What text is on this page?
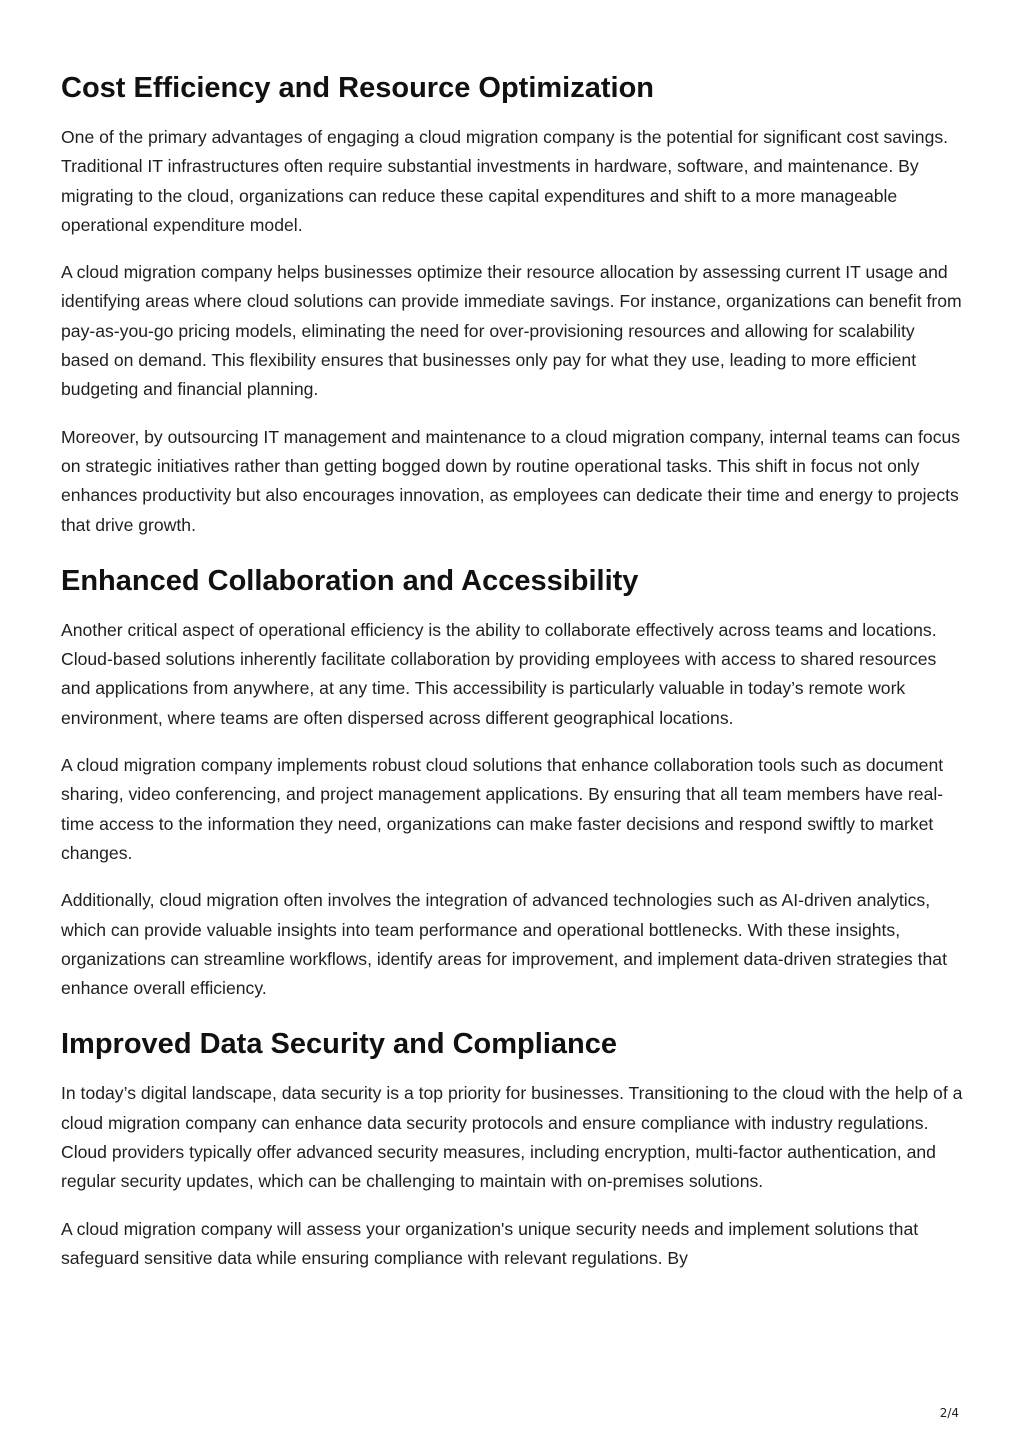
Cost Efficiency and Resource Optimization

One of the primary advantages of engaging a cloud migration company is the potential for significant cost savings. Traditional IT infrastructures often require substantial investments in hardware, software, and maintenance. By migrating to the cloud, organizations can reduce these capital expenditures and shift to a more manageable operational expenditure model.

A cloud migration company helps businesses optimize their resource allocation by assessing current IT usage and identifying areas where cloud solutions can provide immediate savings. For instance, organizations can benefit from pay-as-you-go pricing models, eliminating the need for over-provisioning resources and allowing for scalability based on demand. This flexibility ensures that businesses only pay for what they use, leading to more efficient budgeting and financial planning.

Moreover, by outsourcing IT management and maintenance to a cloud migration company, internal teams can focus on strategic initiatives rather than getting bogged down by routine operational tasks. This shift in focus not only enhances productivity but also encourages innovation, as employees can dedicate their time and energy to projects that drive growth.

Enhanced Collaboration and Accessibility

Another critical aspect of operational efficiency is the ability to collaborate effectively across teams and locations. Cloud-based solutions inherently facilitate collaboration by providing employees with access to shared resources and applications from anywhere, at any time. This accessibility is particularly valuable in today’s remote work environment, where teams are often dispersed across different geographical locations.

A cloud migration company implements robust cloud solutions that enhance collaboration tools such as document sharing, video conferencing, and project management applications. By ensuring that all team members have real-time access to the information they need, organizations can make faster decisions and respond swiftly to market changes.

Additionally, cloud migration often involves the integration of advanced technologies such as AI-driven analytics, which can provide valuable insights into team performance and operational bottlenecks. With these insights, organizations can streamline workflows, identify areas for improvement, and implement data-driven strategies that enhance overall efficiency.

Improved Data Security and Compliance

In today’s digital landscape, data security is a top priority for businesses. Transitioning to the cloud with the help of a cloud migration company can enhance data security protocols and ensure compliance with industry regulations. Cloud providers typically offer advanced security measures, including encryption, multi-factor authentication, and regular security updates, which can be challenging to maintain with on-premises solutions.

A cloud migration company will assess your organization's unique security needs and implement solutions that safeguard sensitive data while ensuring compliance with relevant regulations. By

2/4
